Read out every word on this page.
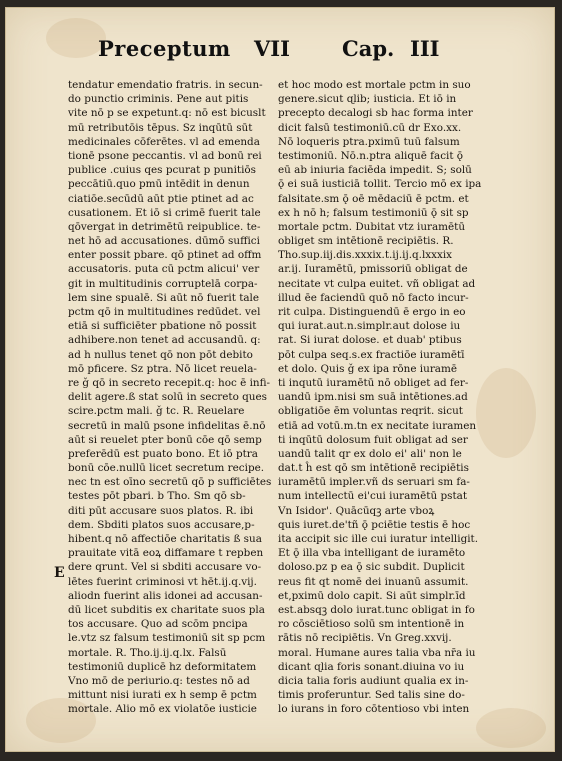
Preceptum VII Cap. III
E
tendatur emendatio fratris. in secun-
do punctio criminis. Pene aut pitis
vite nō p se expetunt.q: nō est bicuslt
mū retributōis tēpus. Sz inqūtū sūt
medicinales cōferētes. vl ad emenda
tionē psone peccantis. vl ad bonū rei
publice .cuius qes pcurat p punitiōs
peccātiū.quo pmū intēdit in denun
ciatiōe.secūdū aūt ptie ptinet ad ac
cusationem. Et iō si crimē fuerit tale
qōvergat in detrimētū reipublice. te-
net hō ad accusationes. dūmō suffici
enter possit pbare. qō ptinet ad offm
accusatoris. puta cū pctm alicui' ver
git in multitudinis corruptelā corpa-
lem sine spualē. Si aūt nō fuerit tale
pctm qō in multitudines redūdet. vel
etiā si sufficiēter pbatione nō possit
adhibere.non tenet ad accusandū. q:
ad h nullus tenet qō non pōt debito
mō pficere. Sz ptra. Nō licet reuela-
re ǧ qō in secreto recepit.q: hoc ē infi-
delit agere.ß stat solū in secreto ques
scire.pctm mali. ǧ tc. R. Reuelare
secretū in malū psone infidelitas ē.nō
aūt si reuelet pter bonū cōe qō semp
preferēdū est puato bono. Et iō ptra
bonū cōe.nullū licet secretum recipe.
nec tn est oīno secretū qō p sufficiētes
testes pōt pbari. b Tho. Sm qō sb-
diti pūt accusare suos platos. R. ibi
dem. Sbditi platos suos accusare,p-
hibent.q nō affectiōe charitatis ß sua
prauitate vitā eoꝝ diffamare t repben
dere qrunt. Vel si sbditi accusare vo-
lētes fuerint criminosi vt hēt.ij.q.vij.
aliodn fuerint alis idonei ad accusan-
dū licet subditis ex charitate suos pla
tos accusare. Quo ad scōm pncipa
le.vtz sz falsum testimoniū sit sp pcm
mortale. R. Tho.ij.ij.q.lx. Falsū
testimoniū duplicē hz deformitatem
Vno mō de periurio.q: testes nō ad
mittunt nisi iurati ex h semp ē pctm
mortale. Alio mō ex violatōe iusticie
et hoc modo est mortale pctm in suo
genere.sicut ɋlib; iusticia. Et iō in
precepto decalogi sb hac forma inter
dicit falsū testimoniū.cū dr Exo.xx.
Nō loqueris ptra.pximū tuū falsum
testimoniū. Nō.n.ptra aliquē facit ǭ
eū ab iniuria faciēda impedit. S; solū
ǭ ei suā iusticiā tollit. Tercio mō ex ipa
falsitate.sm ǭ oē mēdaciū ē pctm. et
ex h nō h; falsum testimoniū ǭ sit sp
mortale pctm. Dubitat vtz iuramētū
obliget sm intētionē recipiētis. R.
Tho.sup.iij.dis.xxxix.t.ij.ij.q.lxxxix
ar.ij. Iuramētū, pmissoriū obligat de
necitate vt culpa euitet. vñ obligat ad
illud ēe faciendū quō nō facto incur-
rit culpa. Distinguendū ē ergo in eo
qui iurat.aut.n.simplr.aut dolose iu
rat. Si iurat dolose. et duab' ptibus
pōt culpa seq.s.ex fractiōe iuramētī
et dolo. Quis ǧ ex ipa rōne iuramē
ti inqutū iuramētū nō obliget ad fer-
uandū ipm.nisi sm suā intētiones.ad
obligatiōe ēm voluntas reqrit. sicut
etiā ad votū.m.tn ex necitate iuramen
ti inqūtū dolosum fuit obligat ad ser
uandū talit qr ex dolo ei' ali' non le
dat.t ĥ est qō sm intētionē recipiētis
iuramētū impler.vñ ds seruari sm fa-
num intellectū ei'cui iuramētū pstat
Vn Isidor'. Quācūqꝫ arte vboꝝ
quis iuret.de'tñ ǭ pciētie testis ē hoc
ita accipit sic ille cui iuratur intelligit.
Et ǭ illa vba intelligant de iuramēto
doloso.pz p ea ǭ sic subdit. Duplicit
reus fit qt nomē dei inuanū assumit.
et,pximū dolo capit. Si aūt simplr.īd
est.absqꝫ dolo iurat.tunc obligat in fo
ro cōsciētioso solū sm intentionē in
rātis nō recipiētis. Vn Greg.xxvij.
moral. Humane aures talia vba nr̄a iu
dicant ɋlia foris sonant.diuina vo iu
dicia talia foris audiunt qualia ex in-
timis proferuntur. Sed talis sine do-
lo iurans in foro cōtentioso vbi inten
